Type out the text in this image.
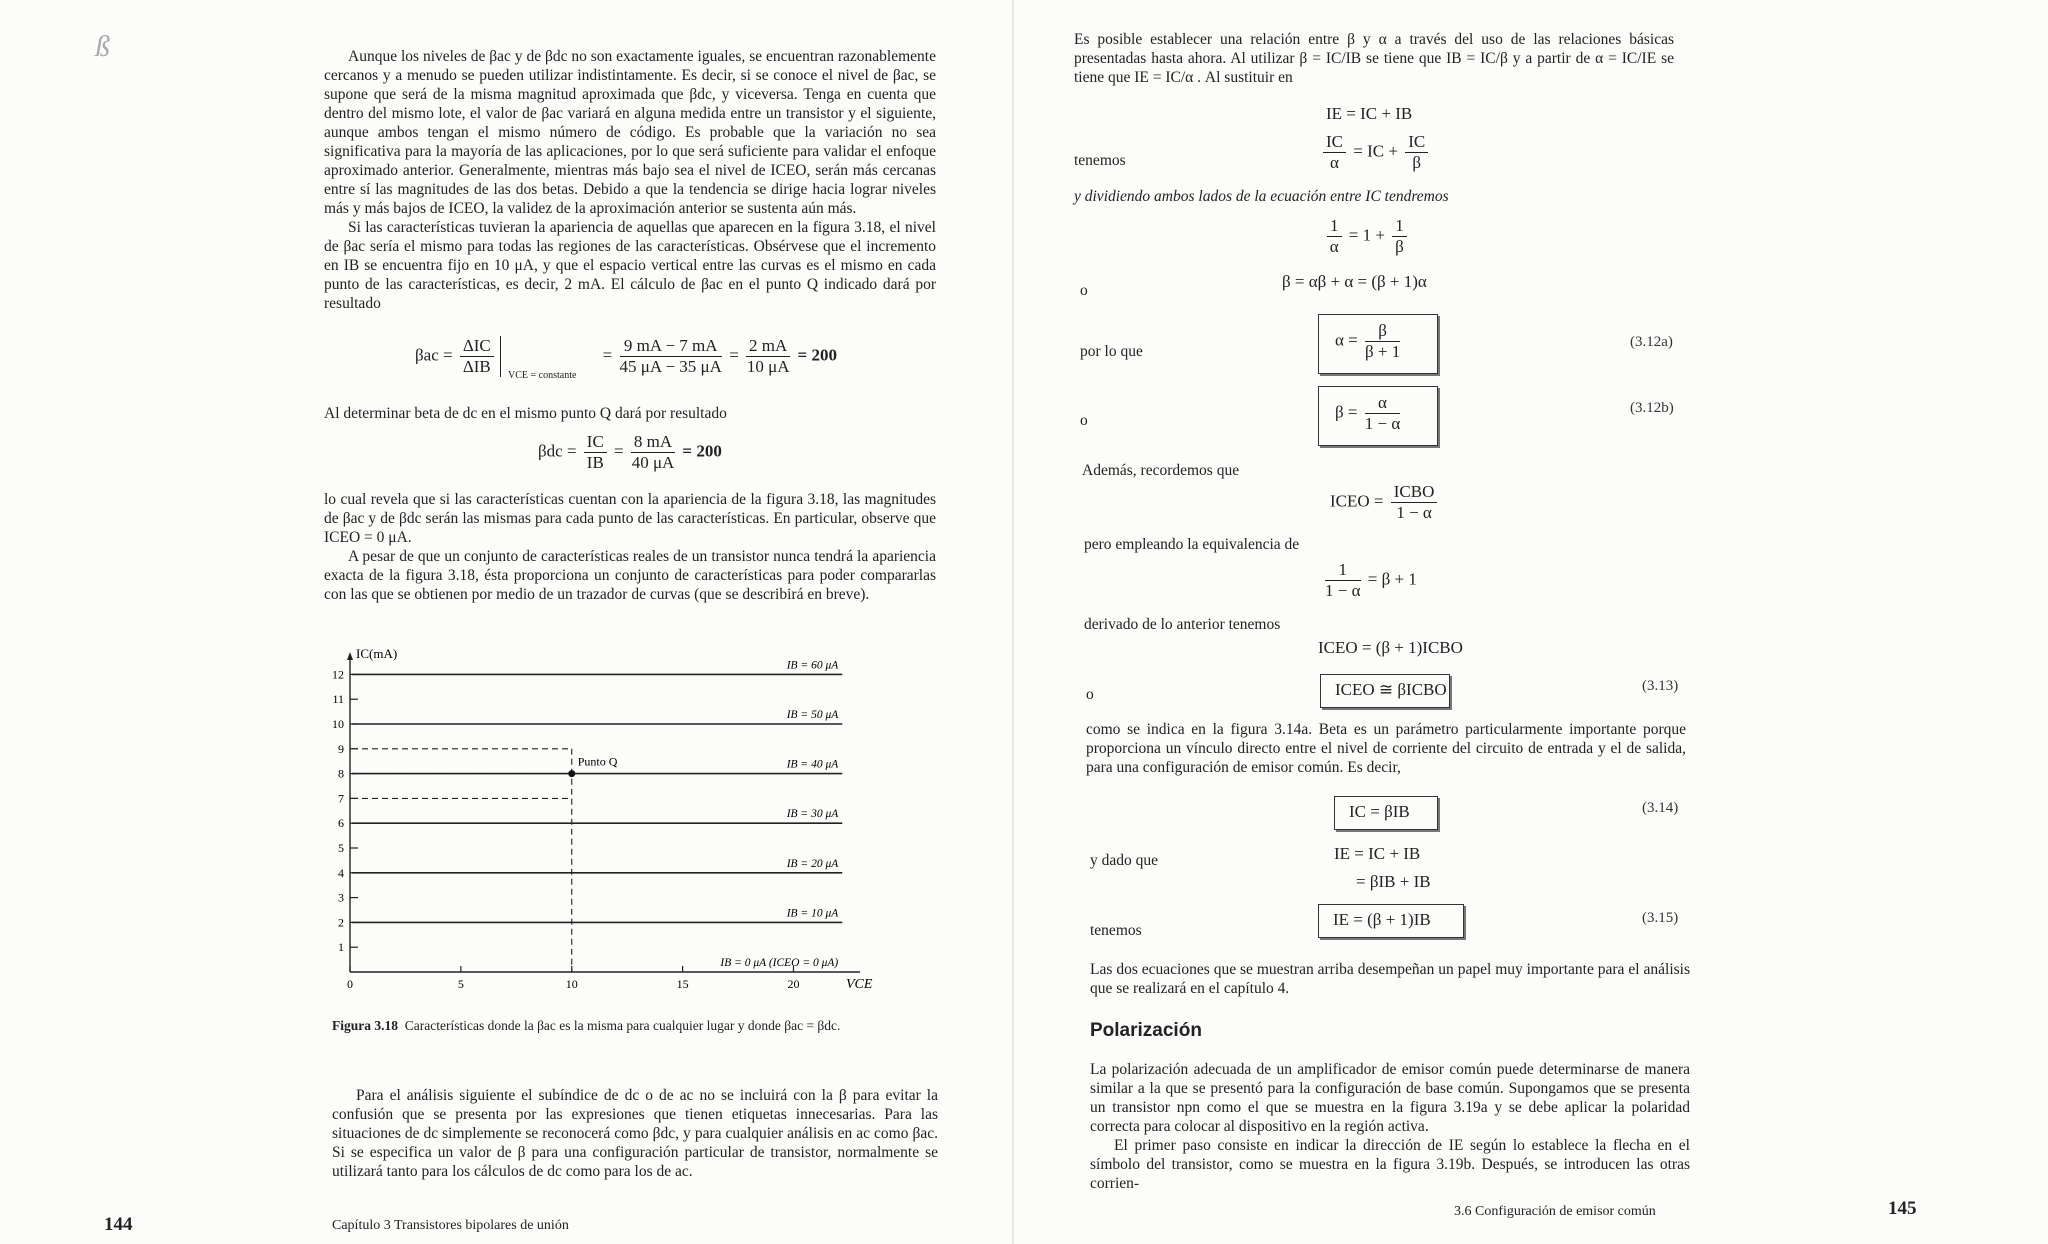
ß	Aunque los niveles de βac y de βdc no son exactamente iguales, se encuentran razonablemente cercanos y a menudo se pueden utilizar indistintamente. Es decir, si se conoce el nivel de βac, se supone que será de la misma magnitud aproximada que βdc, y viceversa. Tenga en cuenta que dentro del mismo lote, el valor de βac variará en alguna medida entre un transistor y el siguiente, aunque ambos tengan el mismo número de código. Es probable que la variación no sea significativa para la mayoría de las aplicaciones, por lo que será suficiente para validar el enfoque aproximado anterior. Generalmente, mientras más bajo sea el nivel de ICEO, serán más cercanas entre sí las magnitudes de las dos betas. Debido a que la tendencia se dirige hacia lograr niveles más y más bajos de ICEO, la validez de la aproximación anterior se sustenta aún más.

Si las características tuvieran la apariencia de aquellas que aparecen en la figura 3.18, el nivel de βac sería el mismo para todas las regiones de las características. Obsérvese que el incremento en IB se encuentra fijo en 10 μA, y que el espacio vertical entre las curvas es el mismo en cada punto de las características, es decir, 2 mA. El cálculo de βac en el punto Q indicado dará por resultado

$\beta ac = \frac{\text{ΔIC}}{\text{ΔIB}} _{VCE = constante} = \frac{9 mA - 7 mA}{45 \mu A - 35 \mu A} = \frac{2 mA}{10 \mu A} = 200$
Al determinar beta de dc en el mismo punto Q dará por resultado
$\beta dc = \frac{IC}{IB} = \frac{8 mA}{40 \mu A} = 200$

lo cual revela que si las características cuentan con la apariencia de la figura 3.18, las magnitudes de βac y de βdc serán las mismas para cada punto de las características. En particular, observe que ICEO = 0 μA.

A pesar de que un conjunto de características reales de un transistor nunca tendrá la apariencia exacta de la figura 3.18, ésta proporciona un conjunto de características para poder compararlas con las que se obtienen por medio de un trazador de curvas (que se describirá en breve).

IC(mA)
VCE
1
2
3
4
5
6
7
8
9
10
11
12
0	5	10	15	20
IB = 60 μA
IB = 50 μA
IB = 40 μA
IB = 30 μA
IB = 20 μA
IB = 10 μA
IB = 0 μA (ICEO = 0 μA)
Punto Q
Figura 3.18 Características donde la βac es la misma para cualquier lugar y donde βac = βdc.
Para el análisis siguiente el subíndice de dc o de ac no se incluirá con la β para evitar la confusión que se presenta por las expresiones que tienen etiquetas innecesarias. Para las situaciones de dc simplemente se reconocerá como βdc, y para cualquier análisis en ac como βac. Si se especifica un valor de β para una configuración particular de transistor, normalmente se utilizará tanto para los cálculos de dc como para los de ac.
144	Capítulo 3 Transistores bipolares de unión
Es posible establecer una relación entre β y α a través del uso de las relaciones básicas presentadas hasta ahora. Al utilizar β = IC/IB se tiene que IB = IC/β y a partir de α = IC/IE se tiene que IE = IC/α . Al sustituir en
IE = IC + IB
tenemos	$\frac{IC}{\alpha}$ = IC + $\frac{IC}{\beta}$
y dividiendo ambos lados de la ecuación entre IC tendremos
$\frac{1}{\alpha} = 1 + \frac{1}{\beta}$
o	β = αβ + α = (β + 1)α
por lo que
$\alpha = \frac{\beta}{\beta + 1}$	(3.12a)
o	$\beta = \frac{\alpha}{1 - \alpha}$	(3.12b)
Además, recordemos que
ICEO = $\frac{\text{ICBO}}{1 - \alpha}$
pero empleando la equivalencia de
$\frac{1}{1 - \alpha} = \beta + 1$
derivado de lo anterior tenemos
ICEO = (β + 1)ICBO
o	ICEO ≅ βICBO	(3.13)
como se indica en la figura 3.14a. Beta es un parámetro particularmente importante porque proporciona un vínculo directo entre el nivel de corriente del circuito de entrada y el de salida, para una configuración de emisor común. Es decir,
IC = βIB	(3.14)
y dado que	IE = IC + IB
= βIB + IB
tenemos
IE = (β + 1)IB	(3.15)
Las dos ecuaciones que se muestran arriba desempeñan un papel muy importante para el análisis que se realizará en el capítulo 4.
Polarización

La polarización adecuada de un amplificador de emisor común puede determinarse de manera similar a la que se presentó para la configuración de base común. Supongamos que se presenta un transistor npn como el que se muestra en la figura 3.19a y se debe aplicar la polaridad correcta para colocar al dispositivo en la región activa.

El primer paso consiste en indicar la dirección de IE según lo establece la flecha en el símbolo del transistor, como se muestra en la figura 3.19b. Después, se introducen las otras corrien-

3.6 Configuración de emisor común	145
